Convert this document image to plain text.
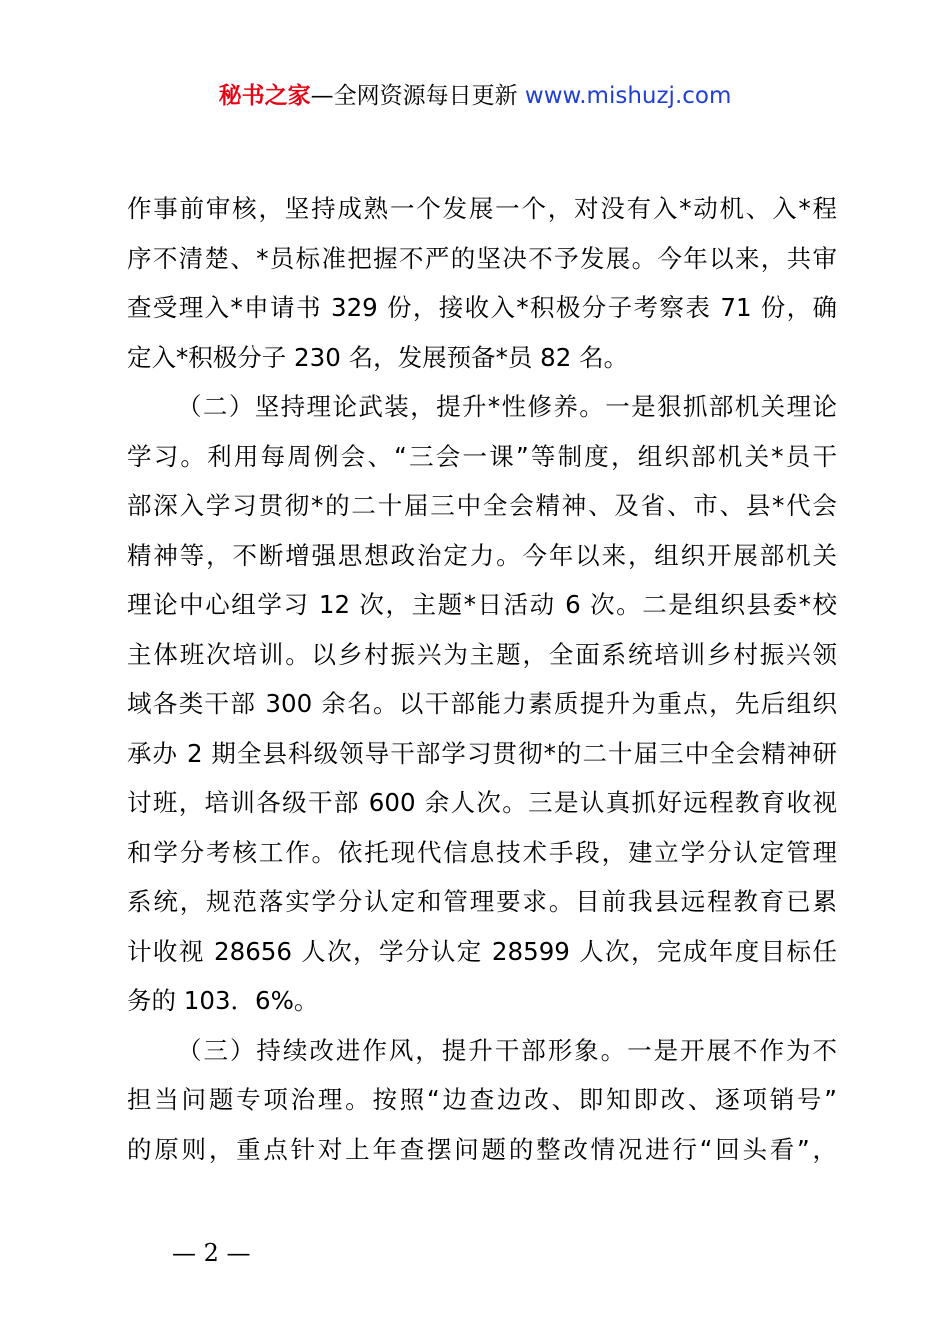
秘书之家—全网资源每日更新 www.mishuzj.com
作事前审核，坚持成熟一个发展一个，对没有入*动机、入*程
序不清楚、*员标准把握不严的坚决不予发展。今年以来，共审
查受理入*申请书 329 份，接收入*积极分子考察表 71 份，确
定入*积极分子 230 名，发展预备*员 82 名。
（二）坚持理论武装，提升*性修养。一是狠抓部机关理论
学习。利用每周例会、“三会一课”等制度，组织部机关*员干
部深入学习贯彻*的二十届三中全会精神、及省、市、县*代会
精神等，不断增强思想政治定力。今年以来，组织开展部机关
理论中心组学习 12 次，主题*日活动 6 次。二是组织县委*校
主体班次培训。以乡村振兴为主题，全面系统培训乡村振兴领
域各类干部 300 余名。以干部能力素质提升为重点，先后组织
承办 2 期全县科级领导干部学习贯彻*的二十届三中全会精神研
讨班，培训各级干部 600 余人次。三是认真抓好远程教育收视
和学分考核工作。依托现代信息技术手段，建立学分认定管理
系统，规范落实学分认定和管理要求。目前我县远程教育已累
计收视 28656 人次，学分认定 28599 人次，完成年度目标任
务的 103．6%。
（三）持续改进作风，提升干部形象。一是开展不作为不
担当问题专项治理。按照“边查边改、即知即改、逐项销号”
的原则，重点针对上年查摆问题的整改情况进行“回头看”，
— 2 —
